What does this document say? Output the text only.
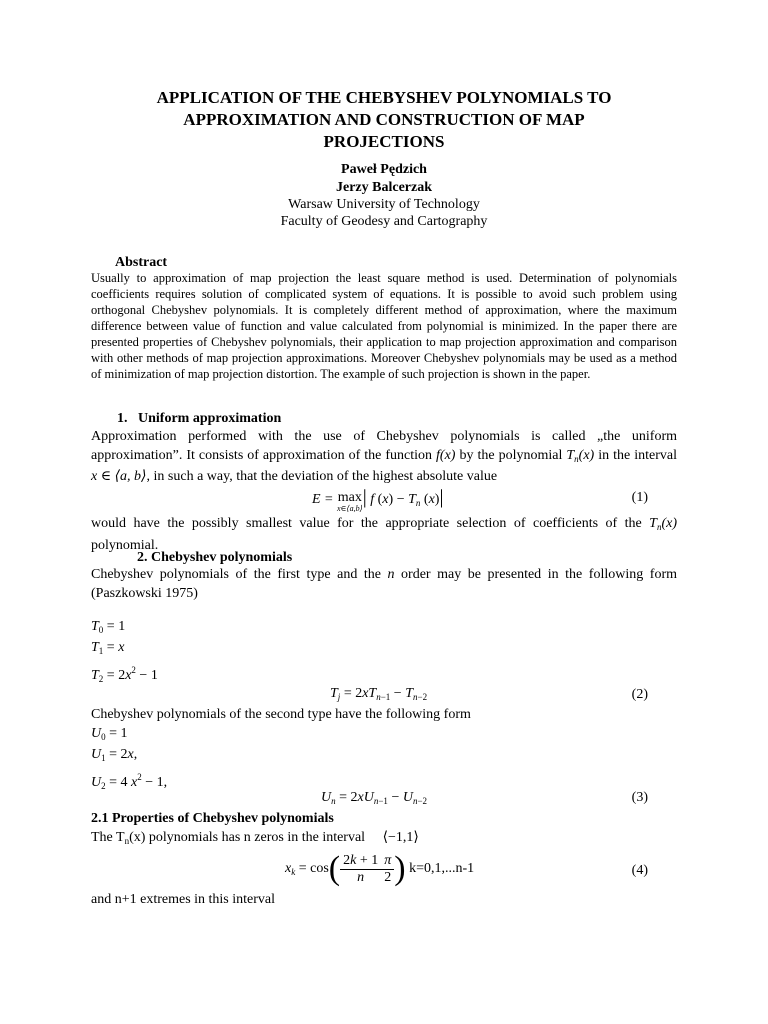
APPLICATION OF THE CHEBYSHEV POLYNOMIALS TO
APPROXIMATION AND CONSTRUCTION OF MAP
PROJECTIONS
Paweł Pędzich
Jerzy Balcerzak
Warsaw University of Technology
Faculty of Geodesy and Cartography
Abstract
Usually to approximation of map projection the least square method is used. Determination of polynomials coefficients requires solution of complicated system of equations. It is possible to avoid such problem using orthogonal Chebyshev polynomials. It is completely different method of approximation, where the maximum difference between value of function and value calculated from polynomial is minimized. In the paper there are presented properties of Chebyshev polynomials, their application to map projection approximation and comparison with other methods of map projection approximations. Moreover Chebyshev polynomials may be used as a method of minimization of map projection distortion. The example of such projection is shown in the paper.
1.   Uniform approximation
Approximation performed with the use of Chebyshev polynomials is called „the uniform approximation”. It consists of approximation of the function f(x) by the polynomial $T_n(x)$ in the interval x ∈ ⟨a, b⟩, in such a way, that the deviation of the highest absolute value
E = max
x∈⟨a,b⟩
| f $(x) - T_n$ (x)|	(1)
would have the possibly smallest value for the appropriate selection of coefficients of the $T_n(x)$ polynomial.
2. Chebyshev polynomials
Chebyshev polynomials of the first type and the n order may be presented in the following form (Paszkowski 1975)
$T_0 = 1$
$T_1 = x$
$T_2 = 2x^2 - 1$
$T_j = 2xT_{n-1} - T_{n-2}$	(2)
Chebyshev polynomials of the second type have the following form
$U_0 = 1$
$U_1 = 2x$,
$U_2 = 4$ $x^2 - 1$,
$U_n = 2xU_{n-1} - U_{n-2}$	(3)
2.1 Properties of Chebyshev polynomials
The $T_n(x)$ polynomials has n zeros in the interval ⟨−1,1⟩
$x_k = \cos( \frac{2k + 1}{n} \frac{\pi}{2}$ ) k=0,1,...n-1	(4)
and n+1 extremes in this interval
